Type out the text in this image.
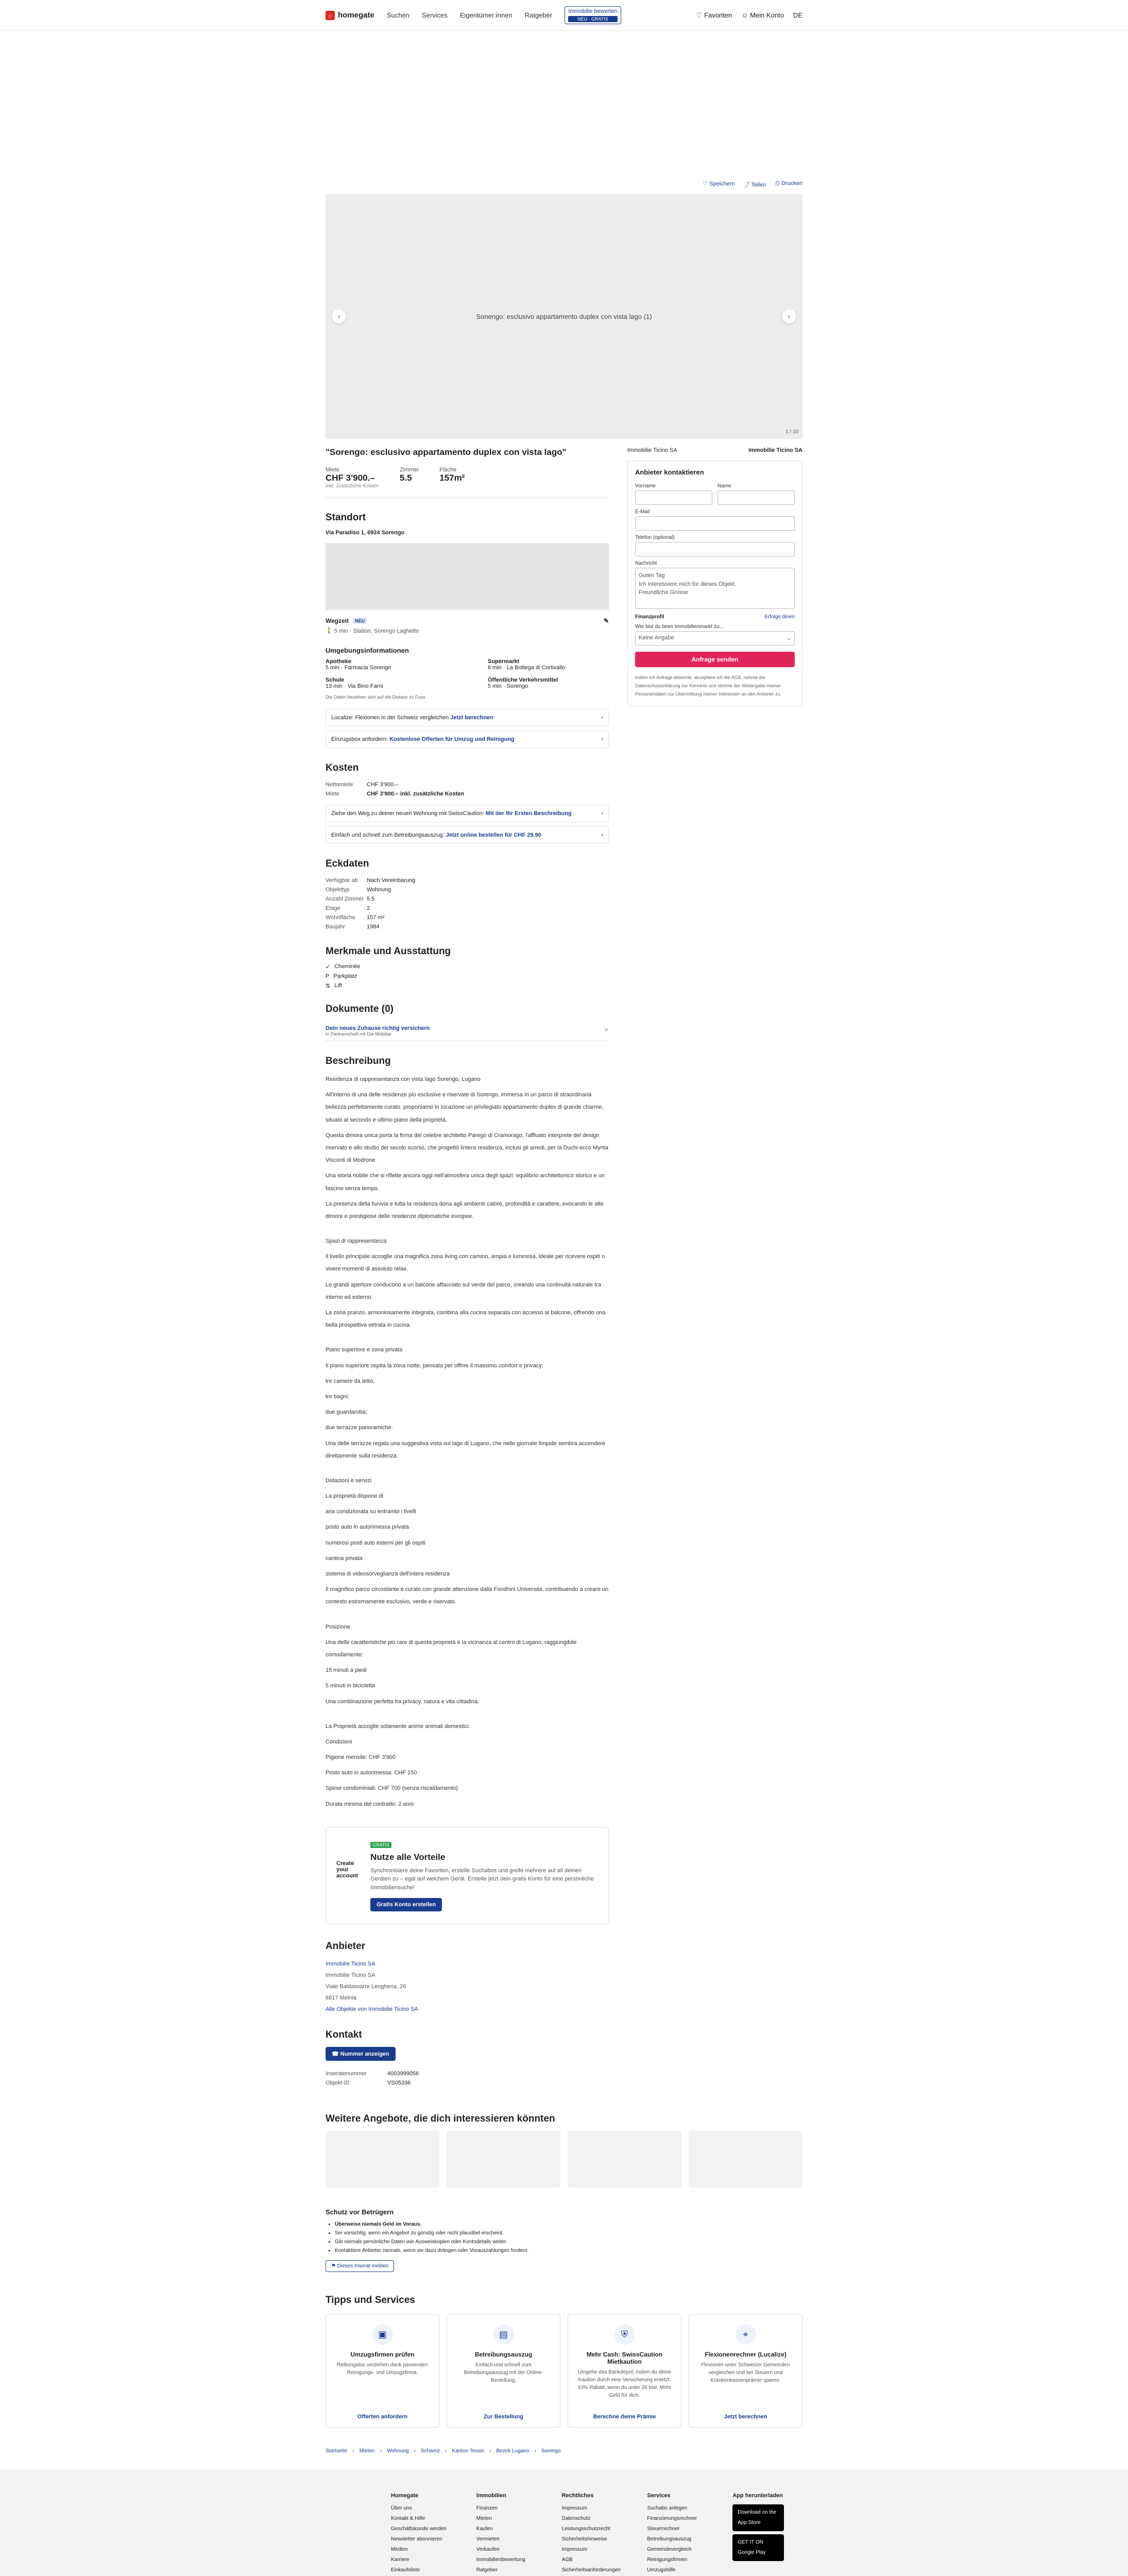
⌂ homegate Suchen Services Eigentümer:innen Ratgeber
Immobilie bewerten
NEU · GRATIS
♡ Favoriten ☺ Mein Konto DE
♡ Speichern ⤴ Teilen ⎙ Drucken
‹	Sonengo: esclusivo appartamento duplex con vista lago (1)	›
1 / 10
"Sorengo: esclusivo appartamento duplex con vista lago"
Miete
CHF 3'900.–
inkl. zusätzliche Kosten
Zimmer
5.5
Fläche
157m²
Standort
Via Paradiso 1, 6924 Sorengo
Wegzeit	NEU	✎
🚶 5 min · Station, Sorengo Laghetto
Umgebungsinformationen
Apotheke
5 min · Farmacia Sorengo
Supermarkt
8 min · La Bottega di Cortivallo
Schule
13 min · Via Bino Farni
Öffentliche Verkehrsmittel
5 min · Sorengo
Die Daten beziehen sich auf die Distanz zu Fuss
Lucalize: Flexionen in der Schweiz vergleichen Jetzt berechnen	›
Einzugsbox anfordern: Kostenlose Offerten für Umzug und Reinigung	›
Kosten
Nettomiete	CHF 3'900.–
Miete	CHF 3'900.– inkl. zusätzliche Kosten
Ziehe den Weg zu deiner neuen Wohnung mit SwissCaution: Mit der Ihr Ersten Beschreibung	›
Einfach und schnell zum Betreibungsauszug: Jetzt online bestellen für CHF 29.90	›
Eckdaten
Verfügbar ab	Nach Vereinbarung
Objekttyp	Wohnung
Anzahl Zimmer	5.5
Etage	2
Wohnfläche	157 m²
Baujahr	1984
Merkmale und Ausstattung
✓ Cheminée
P Parkplatz
⇅ Lift
Dokumente (0)
Dein neues Zuhause richtig versichern
In Partnerschaft mit Die Mobiliar
⌄
Beschreibung

Residenza di rappresentanza con vista lago Sorengo, Lugano

All'interno di una delle residenze più esclusive e riservate di Sorengo, immersa in un parco di straordinaria bellezza perfettamente curato, proponiamo in locazione un privilegiato appartamento duplex di grande charme, situato al secondo e ultimo piano della proprietà.

Questa dimora unica porta la firma del celebre architetto Parego di Cramorago, l'affluato interprete del design riservato e allo studio del secolo scorso, che progettò lintera residenza, inclusi gli arredi, per la Duchi ecco Myrtia Visconti di Modrone.

Una storia nobile che si riflette ancora oggi nell'atmosfera unica degli spazi: equilibrio architettonico storico e un fascino senza tempo.

La presenza della funivia e tutta la residenza dona agli ambienti calore, profondità e carattere, evocando le alte dimore e prestigiose delle residenze diplomatiche europee.

Spazi di rappresentanza

Il livello principale accoglie una magnifica zona living con camino, ampia e luminosa, ideale per ricevere ospiti o vivere momenti di assoluto relax.

Le grandi aperture conducono a un balcone affacciato sul verde del parco, creando una continuità naturale tra interno ed esterno.

La zona pranzo, armoniosamente integrata, combina alla cucina separata con accesso al balcone, offrendo una bella prospettiva vetrata in cucina.

Piano superiore e zona privata

Il piano superiore ospita la zona notte, pensata per offrire il massimo comfort e privacy:

tre camere da letto;

tre bagni;

due guardaroba;

due terrazze panoramiche.

Una delle terrazze regala una suggestiva vista sul lago di Lugano, che nelle giornate limpide sembra accendere direttamente sulla residenza.

Dotazioni e servizi

La proprietà dispone di:

aria condizionata su entrambi i livelli

posto auto in autorimessa privata

numerosi posti auto esterni per gli ospiti

cantina privata

sistema di videosorveglianza dell'intera residenza

Il magnifico parco circostante è curato con grande attenzione dalla Fondhini Universita, contribuendo a creare un contesto estremamente esclusivo, verde e riservato.

Posizione

Una delle caratteristiche più rare di questa proprietà è la vicinanza al centro di Lugano, raggiungibile comodamente:

15 minuti a piedi

5 minuti in bicicletta

Una combinazione perfetta tra privacy, natura e vita cittadina.

La Proprietà accoglie solamente anime animali domestici.

Condizioni

Pigione mensile: CHF 3'900

Posto auto in autorimessa: CHF 150

Spese condominiali: CHF 700 (senza riscaldamento)

Durata minima del contratto: 2 anni

Create your account
GRATIS
Nutze alle Vorteile
Synchronisiere deine Favoriten, erstelle Suchabos und greife mehrere auf all deinen Geräten zu – egal auf welchem Gerät. Erstelle jetzt dein gratis Konto für eine persönliche Immobiliensuche!
Gratis Konto erstellen
Anbieter
Immobilie Ticino SA
Immobilie Ticino SA
Viale Baldassarre Lenghena, 26
6817 Melnia
Alle Objekte von Immobilie Ticino SA
Kontakt
☎ Nummer anzeigen
Inseratenummer	4003999056
Objekt-ID	VS05336
Immobilie Ticino SA	Immobilie Ticino SA
Anbieter kontaktieren
Vorname	Name
E-Mail
Telefon (optional)
Nachricht
Guten Tag
Ich interessiere mich für dieses Objekt.
Freundliche Grüsse
Finanzprofil	Erfolge dinen
Wie bist du beim Immobilienmarkt zu...
Keine Angabe	⌄
Anfrage senden
Indem ich Anfrage absende, akzeptiere ich die AGB, nehme die Datenschutzerklärung zur Kenntnis und stimme der Weitergabe meiner Personendaten zur Übermittlung meiner Interessen an den Anbieter zu.
Weitere Angebote, die dich interessieren könnten
Schutz vor Betrügern
• Überweise niemals Geld im Voraus.
• Sei vorsichtig, wenn ein Angebot zu günstig oder nicht plausibel erscheint.
• Gib niemals persönliche Daten wie Ausweiskopien oder Kontodetails weiter.
• Kontaktiere Anbieter niemals, wenn sie dazu drängen oder Vorauszahlungen fordern.
⚑ Dieses Inserat melden
Tipps und Services
▣
Umzugsfirmen prüfen
Reibungslos umziehen dank passenden Reinigungs- und Umzugsfirma.
Offerten anfordern
▤
Betreibungsauszug
Einfach und schnell zum Betreibungsauszug mit der Online-Bestellung.
Zur Bestellung
⛨
Mehr Cash: SwissCaution Mietkaution
Umgehe das Bankdepot, indem du deine Kaution durch eine Versicherung ersetzt. 10% Rabatt, wenn du unter 26 bist. Mehr Geld für dich.
Berechne deine Prämie
⌖
Flexionenrechner (Lucalize)
Flexionen unter Schweizer Gemeinden vergleichen und bei Steuern und Krankenkassenprämie sparen.
Jetzt berechnen
Startseite › Mieten › Wohnung › Schweiz › Kanton Tessin › Bezirk Lugano › Sorengo
Homegate
Über uns
Kontakt & Hilfe
Geschäftskunde werden
Newsletter abonnieren
Medien
Karriere
Einkaufsliste
Immobilien
Finanzen
Mieten
Kaufen
Vermieten
Verkaufen
Immobilienbewertung
Ratgeber
Rechtliches
Impressum
Datenschutz
Leistungsschutzrecht
Sicherheitshinweise
Impressum
AGB
Sicherheitsanforderungen
Services
Suchabo anlegen
Finanzierungsrechner
Steuerrechner
Betreibungsauszug
Gemeindevergleich
Reinigungsfirmen
Umzugshilfe
App herunterladen
Download on the App Store
GET IT ON Google Play
